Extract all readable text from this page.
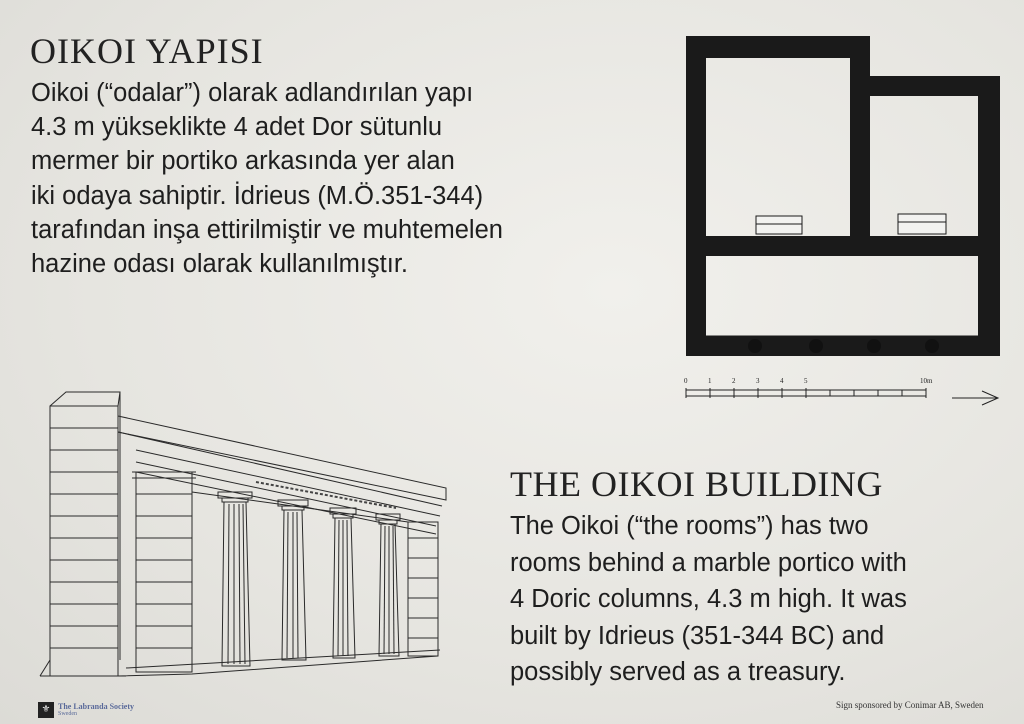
OIKOI YAPISI

Oikoi (“odalar”) olarak adlandırılan yapı
4.3 m yükseklikte 4 adet Dor sütunlu
mermer bir portiko arkasında yer alan
iki odaya sahiptir. İdrieus (M.Ö.351-344)
tarafından inşa ettirilmiştir ve muhtemelen
hazine odası olarak kullanılmıştır.

0	1	2	3	4	5	10m
THE OIKOI BUILDING

The Oikoi (“the rooms”) has two
rooms behind a marble portico with
4 Doric columns, 4.3 m high. It was
built by Idrieus (351-344 BC) and
possibly served as a treasury.

⚜ The Labranda Society
Sweden
Sign sponsored by Conimar AB, Sweden
